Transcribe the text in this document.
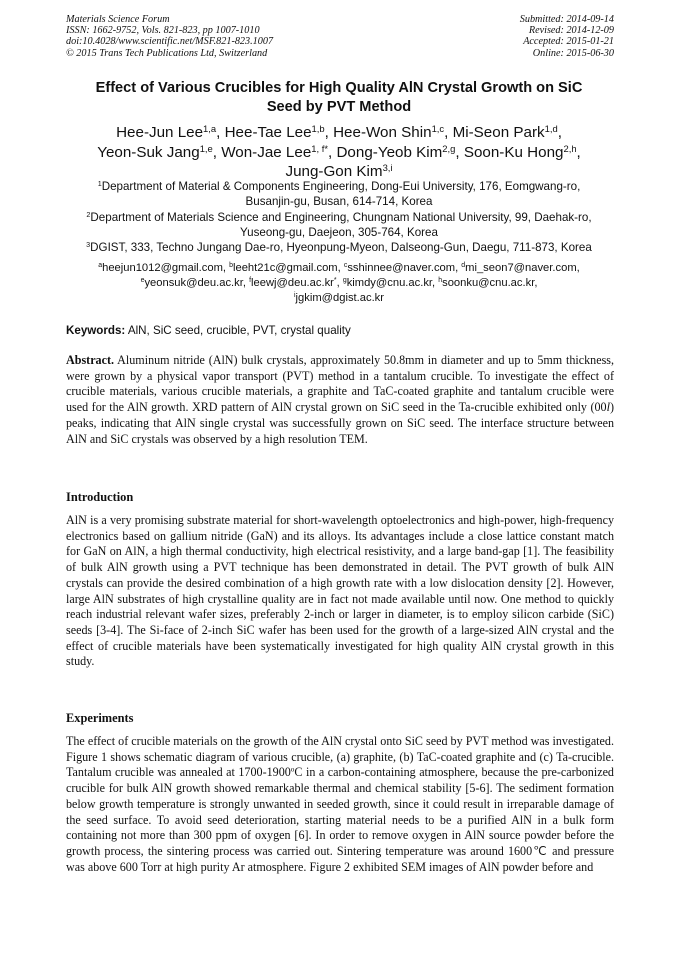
Materials Science Forum
ISSN: 1662-9752, Vols. 821-823, pp 1007-1010
doi:10.4028/www.scientific.net/MSF.821-823.1007
© 2015 Trans Tech Publications Ltd, Switzerland
Submitted: 2014-09-14
Revised: 2014-12-09
Accepted: 2015-01-21
Online: 2015-06-30
Effect of Various Crucibles for High Quality AlN Crystal Growth on SiC
Seed by PVT Method
Hee-Jun Lee$^{1,a}$, Hee-Tae Lee$^{1,b}$, Hee-Won Shin$^{1,c}$, Mi-Seon Park$^{1,d}$,
Yeon-Suk Jang$^{1,e}$, Won-Jae Lee$^{1, f*}$, Dong-Yeob Kim$^{2,g}$, Soon-Ku Hong$^{2,h}$,
Jung-Gon Kim$^{3,i}$
$^1$Department of Material & Components Engineering, Dong-Eui University, 176, Eomgwang-ro,
Busanjin-gu, Busan, 614-714, Korea
$^2$Department of Materials Science and Engineering, Chungnam National University, 99, Daehak-ro,
Yuseong-gu, Daejeon, 305-764, Korea
$^3$DGIST, 333, Techno Jungang Dae-ro, Hyeonpung-Myeon, Dalseong-Gun, Daegu, 711-873, Korea
$^a$heejun1012@gmail.com, $^b$leeht21c@gmail.com, $^c$sshinnee@naver.com, $^d$mi_seon7@naver.com,
$^e$yeonsuk@deu.ac.kr, $^f$leewj@deu.ac.kr*, $^g$kimdy@cnu.ac.kr, $^h$soonku@cnu.ac.kr,
$^i$jgkim@dgist.ac.kr
Keywords: AlN, SiC seed, crucible, PVT, crystal quality
Abstract. Aluminum nitride (AlN) bulk crystals, approximately 50.8mm in diameter and up to 5mm thickness, were grown by a physical vapor transport (PVT) method in a tantalum crucible. To investigate the effect of crucible materials, various crucible materials, a graphite and TaC-coated graphite and tantalum crucible were used for the AlN growth. XRD pattern of AlN crystal grown on SiC seed in the Ta-crucible exhibited only (00l) peaks, indicating that AlN single crystal was successfully grown on SiC seed. The interface structure between AlN and SiC crystals was observed by a high resolution TEM.
Introduction
AlN is a very promising substrate material for short-wavelength optoelectronics and high-power, high-frequency electronics based on gallium nitride (GaN) and its alloys. Its advantages include a close lattice constant match for GaN on AlN, a high thermal conductivity, high electrical resistivity, and a large band-gap [1]. The feasibility of bulk AlN growth using a PVT technique has been demonstrated in detail. The PVT growth of bulk AlN crystals can provide the desired combination of a high growth rate with a low dislocation density [2]. However, large AlN substrates of high crystalline quality are in fact not made available until now. One method to quickly reach industrial relevant wafer sizes, preferably 2-inch or larger in diameter, is to employ silicon carbide (SiC) seeds [3-4]. The Si-face of 2-inch SiC wafer has been used for the growth of a large-sized AlN crystal and the effect of crucible materials have been systematically investigated for high quality AlN crystal growth in this study.
Experiments
The effect of crucible materials on the growth of the AlN crystal onto SiC seed by PVT method was investigated. Figure 1 shows schematic diagram of various crucible, (a) graphite, (b) TaC-coated graphite and (c) Ta-crucible. Tantalum crucible was annealed at 1700-1900$^o$C in a carbon-containing atmosphere, because the pre-carbonized crucible for bulk AlN growth showed remarkable thermal and chemical stability [5-6]. The sediment formation below growth temperature is strongly unwanted in seeded growth, since it could result in irreparable damage of the seed surface. To avoid seed deterioration, starting material needs to be a purified AlN in a bulk form containing not more than 300 ppm of oxygen [6]. In order to remove oxygen in AlN source powder before the growth process, the sintering process was carried out. Sintering temperature was around 1600℃ and pressure was above 600 Torr at high purity Ar atmosphere. Figure 2 exhibited SEM images of AlN powder before and
